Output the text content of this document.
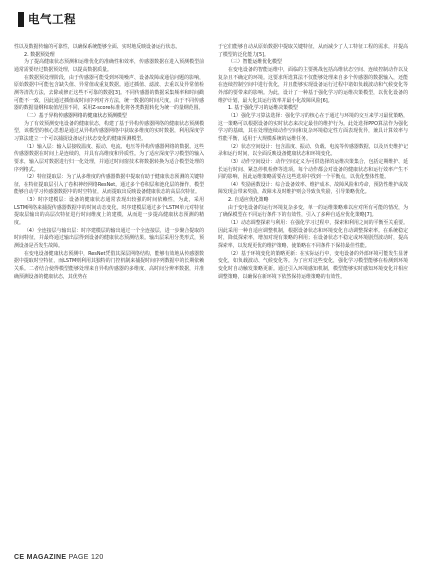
电气工程

性以及数据传输的可靠性，以确保系统能够全面、实时地反映设备运行状态。

2. 数据预处理

为了提高健康状态预测和运维优化的准确性和效率，传感器数据在进入预测模型前通常需要经过数据预处理，以提高数据质量。

在数据预处理阶段，由于传感器可能受到环境噪声、设备故障或通信问题的影响，原始数据中可能包含缺失值、异常值或重复数据。通过插值、滤波、去重以及异常值检测等清洗方法，去除或修正这些不可靠的数据[3]。不同传感器的数据采集频率和时间戳可能不一致，因此通过插值或时间序列对齐方法，统一数据的时间尺度。由于不同传感器的数据量纲和取值范围不同，采用Z-score标准化将各类数据转化为统一的量纲范围。

（二）基于异构传感器网络的健康状态预测模型

为了有效预测变电设备的健康状态，构建了基于异构传感器网络的健康状态预测模型，该模型的核心思想是通过从异构传感器网络中获取多维度的实时数据，利用深度学习算法建立一个可以捕捉设备运行状态变化的健康预测模型。

（1）输入层：输入层接收温度、振动、电流、电压等异构传感器网络的数据。这些传感器数据在时间上是连续的，并具有高维度和异质性。为了适应深度学习模型的输入要求，输入层对数据进行归一化处理，并通过时间窗技术将数据转换为适合模型处理的序列格式。

（2）特征提取层：为了从多维度的传感器数据中提取有助于健康状态预测的关键特征，在特征提取层引入了卷积神经网络ResNet。通过多个卷积层和池化层的操作，模型能够自动学习传感器数据中的时空特征，从而提取出反映设备健康状态的高层次特征。

（3）时序建模层：设备的健康状态通常表现出较强的时间依赖性，为此，采用LSTM网络来捕捉传感器数据中的时间动态变化。时序建模层通过多个LSTM单元对特征提取层输出的高层次特征进行时间维度上的建模，从而进一步提高健康状态预测的精度。

（4）全连接层与输出层：时序建模层的输出通过一个全连接层，进一步聚合提取的时间特征，并最终通过输出层得到设备的健康状态预测结果。输出层采用分类形式，预测设备是否发生故障。

在变电设备健康状态预测中，ResNet凭借其深层网络结构，能够有效地从传感器数据中提取时空特征，而LSTM则利用其独特的门控机制来捕捉时间序列数据中的长期依赖关系。二者结合使得模型能够处理来自异构传感器的多维度、高时间分辨率数据，并准确预测设备的健康状态，其优势在

于它们能够自动从原始数据中提取关键特征，从而减少了人工特征工程的需求，并提高了模型的泛化能力[5]。

（三）智能运维优化模型

在变电设备的智能运维中，面临的主要挑战包括高维状态空间、连续控制动作以及复杂且不确定的环境。这要求所选算法不仅能够处理来自多个传感器的数据输入，还能在连续控制空间中进行优化，并且能够实现设备运行过程中诸如负载波动和气候变化等外部的要带来的影响。为此，设计了一种基于强化学习的运维决策模型，以优化设备的维护计划，最大化其运行效率并最小化故障风险[6]。

1. 基于强化学习的运维决策模型

（1）强化学习算法选择：强化学习的核心在于通过与环境的交互来学习最优策略，这一策略可以根据设备的实时状态来决定最佳的维护行为。此处选择PPO算法作为强化学习的基础，其在处理连续动作空间和复杂环境稳定性方面表现优异，兼具计算效率与性能平衡，适用于大规模系统的运维任务。

（2）状态空间设计：包含温度、振动、负载、电流等传感器数据，以及历史维护记录和运行时间，以全面反映设备健康状态和环境变化。

（3）动作空间设计：动作空间定义为可供选择的运维决策集合，包括定期维护、延长运行时间、紧急停机检修等选项。每个动作都会对设备的健康状态和运行效率产生不同的影响，因此运维策略需要在这些选项中找到一个平衡点，以优化整体性能。

（4）奖励函数设计：综合设备效率、维护成本、故障风险和寿命，预防性维护或故障发现会带来奖励，故障未及时维护则会导致负奖励，引导策略优化。

2. 自适应优化策略

由于变电设备的运行环境复杂多变，单一的运维策略难以应对所有可能的情况，为了确保模型在不同运行条件下的有效性，引入了多种自适应优化策略[7]。

（1）动态调整探索与利用：在强化学习过程中，探索和利用之间的平衡至关重要。因此采用一种自适应调整机制，根据设备状态和环境变化自动调整探索率。在系统稳定时，降低探索率，增加对现有策略的利用；在设备状态不稳定或环境剧烈波动时，提高探索率，以发现更优的维护策略，使策略在不同条件下保持最佳性能。

（2）基于环境变化的策略更新：在实际运行中，变电设备的外部环境可能发生显著变化，如负载波动、气候变化等。为了应对这些变化，强化学习模型能够在检测到环境变化时自动触发策略更新。通过引入环境感知机制，模型能够实时感知环境变化并相应调整策略，以确保在新环境下依然保持运维策略的有效性。

CE MAGAZINE PAGE 120
